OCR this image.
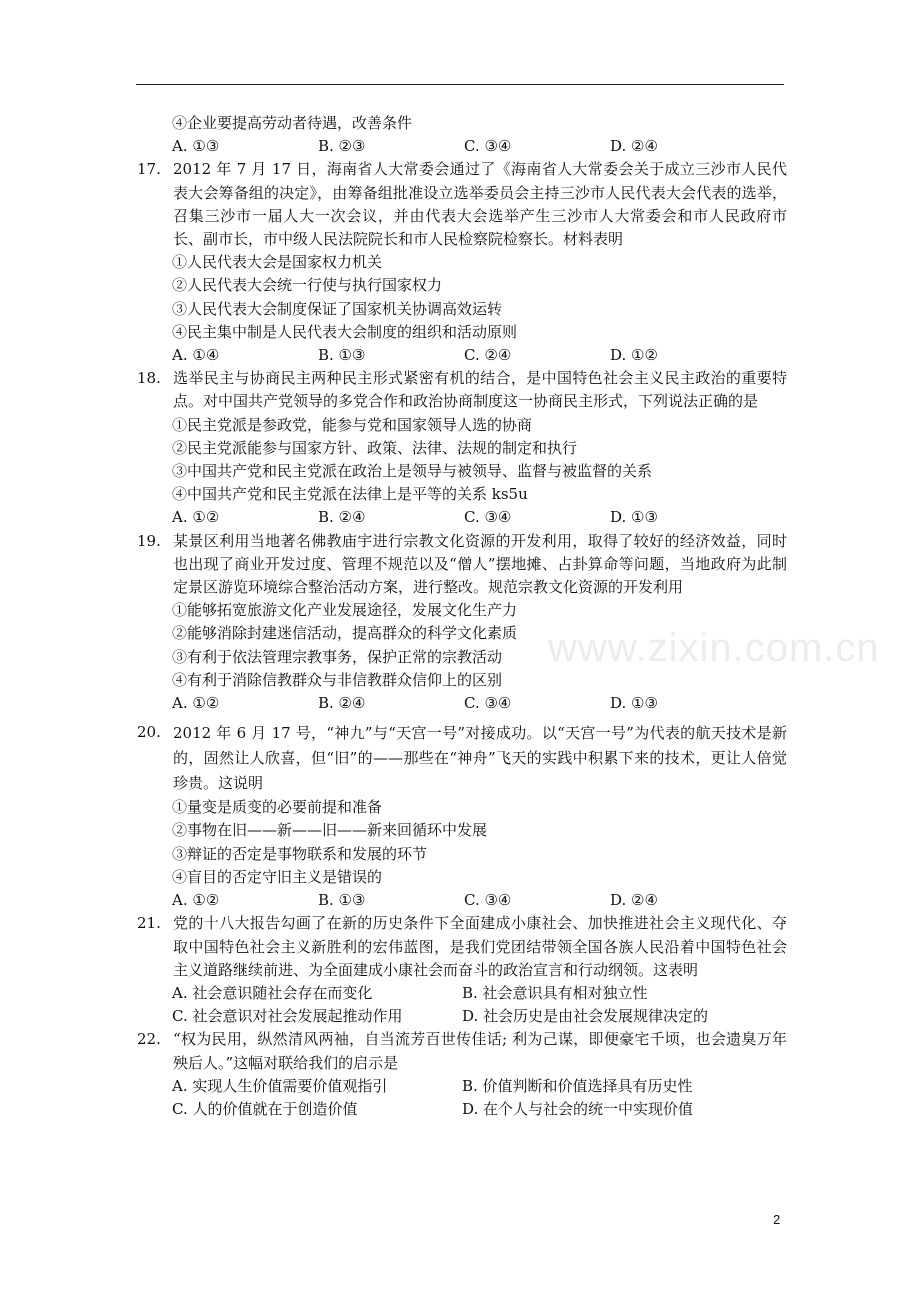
www.zixin.com.cn
④企业要提高劳动者待遇，改善条件
A. ①③	B. ②③	C. ③④	D. ②④
17. 2012 年 7 月 17 日，海南省人大常委会通过了《海南省人大常委会关于成立三沙市人民代表大会筹备组的决定》，由筹备组批准设立选举委员会主持三沙市人民代表大会代表的选举，召集三沙市一届人大一次会议，并由代表大会选举产生三沙市人大常委会和市人民政府市长、副市长，市中级人民法院院长和市人民检察院检察长。材料表明
①人民代表大会是国家权力机关
②人民代表大会统一行使与执行国家权力
③人民代表大会制度保证了国家机关协调高效运转
④民主集中制是人民代表大会制度的组织和活动原则
A. ①④	B. ①③	C. ②④	D. ①②
18. 选举民主与协商民主两种民主形式紧密有机的结合，是中国特色社会主义民主政治的重要特点。对中国共产党领导的多党合作和政治协商制度这一协商民主形式，下列说法正确的是
①民主党派是参政党，能参与党和国家领导人选的协商
②民主党派能参与国家方针、政策、法律、法规的制定和执行
③中国共产党和民主党派在政治上是领导与被领导、监督与被监督的关系
④中国共产党和民主党派在法律上是平等的关系 ks5u
A. ①②	B. ②④	C. ③④	D. ①③
19. 某景区利用当地著名佛教庙宇进行宗教文化资源的开发利用，取得了较好的经济效益，同时也出现了商业开发过度、管理不规范以及“僧人”摆地摊、占卦算命等问题，当地政府为此制定景区游览环境综合整治活动方案，进行整改。规范宗教文化资源的开发利用
①能够拓宽旅游文化产业发展途径，发展文化生产力
②能够消除封建迷信活动，提高群众的科学文化素质
③有利于依法管理宗教事务，保护正常的宗教活动
④有利于消除信教群众与非信教群众信仰上的区别
A. ①②	B. ②④	C. ③④	D. ①③
20. 2012 年 6 月 17 号，“神九”与“天宫一号”对接成功。以“天宫一号”为代表的航天技术是新的，固然让人欣喜，但“旧”的——那些在“神舟”飞天的实践中积累下来的技术，更让人倍觉珍贵。这说明
①量变是质变的必要前提和准备
②事物在旧——新——旧——新来回循环中发展
③辩证的否定是事物联系和发展的环节
④盲目的否定守旧主义是错误的
A. ①②	B. ①③	C. ③④	D. ②④
21. 党的十八大报告勾画了在新的历史条件下全面建成小康社会、加快推进社会主义现代化、夺取中国特色社会主义新胜利的宏伟蓝图，是我们党团结带领全国各族人民沿着中国特色社会主义道路继续前进、为全面建成小康社会而奋斗的政治宣言和行动纲领。这表明
A. 社会意识随社会存在而变化	B. 社会意识具有相对独立性
C. 社会意识对社会发展起推动作用	D. 社会历史是由社会发展规律决定的
22. “权为民用，纵然清风两袖，自当流芳百世传佳话; 利为己谋，即便豪宅千顷，也会遗臭万年殃后人。”这幅对联给我们的启示是
A. 实现人生价值需要价值观指引	B. 价值判断和价值选择具有历史性
C. 人的价值就在于创造价值	D. 在个人与社会的统一中实现价值
2
